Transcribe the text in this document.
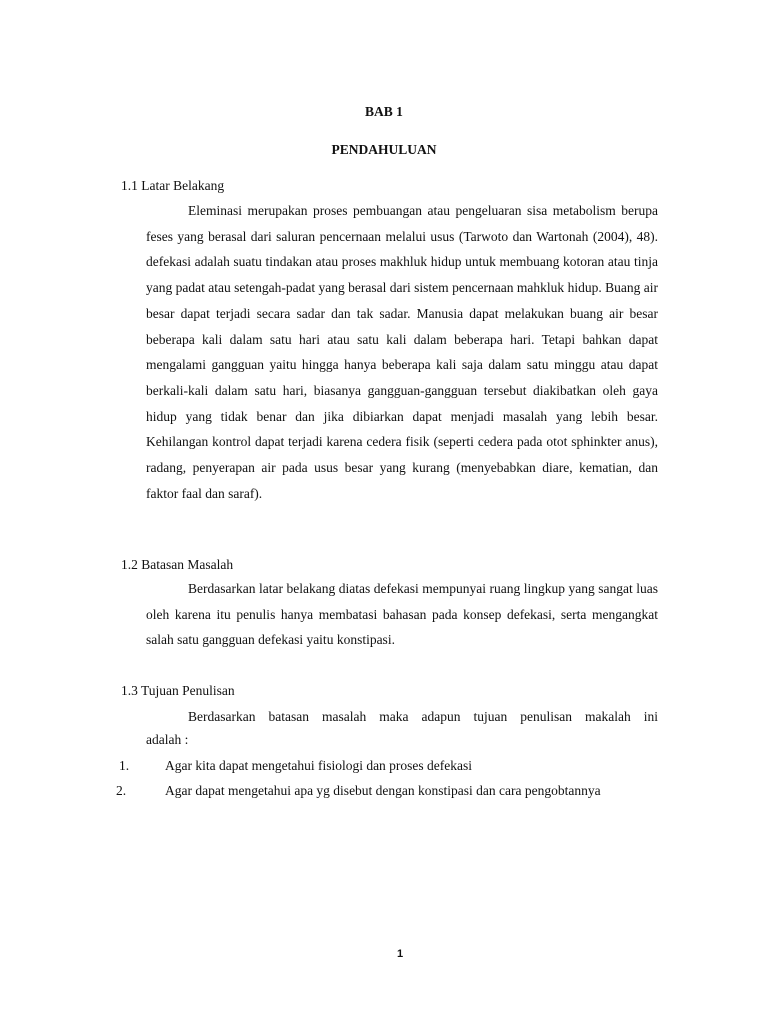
BAB 1
PENDAHULUAN
1.1 Latar Belakang

Eleminasi merupakan proses pembuangan atau pengeluaran sisa metabolism berupa feses yang berasal dari saluran pencernaan melalui usus (Tarwoto dan Wartonah (2004), 48). defekasi adalah suatu tindakan atau proses makhluk hidup untuk membuang kotoran atau tinja yang padat atau setengah-padat yang berasal dari sistem pencernaan mahkluk hidup. Buang air besar dapat terjadi secara sadar dan tak sadar. Manusia dapat melakukan buang air besar beberapa kali dalam satu hari atau satu kali dalam beberapa hari. Tetapi bahkan dapat mengalami gangguan yaitu hingga hanya beberapa kali saja dalam satu minggu atau dapat berkali-kali dalam satu hari, biasanya gangguan-gangguan tersebut diakibatkan oleh gaya hidup yang tidak benar dan jika dibiarkan dapat menjadi masalah yang lebih besar. Kehilangan kontrol dapat terjadi karena cedera fisik (seperti cedera pada otot sphinkter anus), radang, penyerapan air pada usus besar yang kurang (menyebabkan diare, kematian, dan faktor faal dan saraf).

1.2 Batasan Masalah

Berdasarkan latar belakang diatas defekasi mempunyai ruang lingkup yang sangat luas oleh karena itu penulis hanya membatasi bahasan pada konsep defekasi, serta mengangkat salah satu gangguan defekasi yaitu konstipasi.

1.3 Tujuan Penulisan

Berdasarkan batasan masalah maka adapun tujuan penulisan makalah ini

adalah :
1.	Agar kita dapat mengetahui fisiologi dan proses defekasi
2.	Agar dapat mengetahui apa yg disebut dengan konstipasi dan cara pengobtannya
1
